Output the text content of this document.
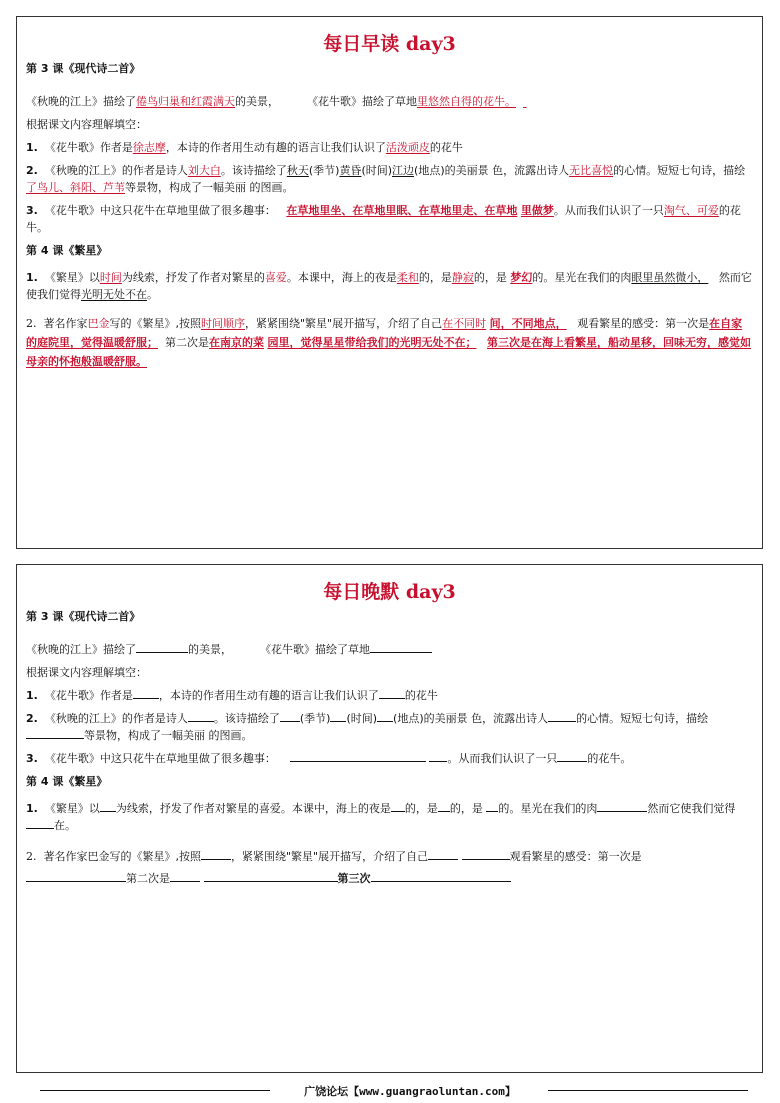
每日早读 day3
第 3 课《现代诗二首》

《秋晚的江上》描绘了倦鸟归巢和红霞满天的美景，	《花牛歌》描绘了草地里悠然自得的花牛。

根据课文内容理解填空：

1. 《花牛歌》作者是徐志摩，本诗的作者用生动有趣的语言让我们认识了活泼顽皮的花牛

2. 《秋晚的江上》的作者是诗人刘大白。该诗描绘了秋天(季节)黄昏(时间)江边(地点)的美丽景 色，流露出诗人无比喜悦的心情。短短七句诗，描绘了鸟儿、斜阳、芦苇等景物，构成了一幅美丽 的图画。

3. 《花牛歌》中这只花牛在草地里做了很多趣事： 在草地里坐、在草地里眠、在草地里走、在草地 里做梦。从而我们认识了一只淘气、可爱的花牛。

第 4 课《繁星》

1. 《繁星》以时间为线索，抒发了作者对繁星的喜爱。本课中，海上的夜是柔和的，是静寂的，是 梦幻的。星光在我们的肉眼里虽然微小， 然而它使我们觉得光明无处不在。

2. 著名作家巴金写的《繁星》,按照时间顺序，紧紧围绕"繁星"展开描写，介绍了自己在不同时 间，不同地点， 观看繁星的感受：第一次是在自家的庭院里，觉得温暖舒服； 第二次是在南京的菜 园里，觉得星星带给我们的光明无处不在； 第三次是在海上看繁星，船动星移，回味无穷，感觉如
母亲的怀抱般温暖舒服。

每日晚默 day3
第 3 课《现代诗二首》

《秋晚的江上》描绘了	的美景，	《花牛歌》描绘了草地

根据课文内容理解填空：

1. 《花牛歌》作者是 ，本诗的作者用生动有趣的语言让我们认识了 的花牛

2. 《秋晚的江上》的作者是诗人 。该诗描绘了 (季节) (时间) (地点)的美丽景 色，流露出诗人	的心情。短短七句诗，描绘等景物，构成了一幅美丽 的图画。

3. 《花牛歌》中这只花牛在草地里做了很多趣事：	。从而我们认识了一只	的花牛。

第 4 课《繁星》

1. 《繁星》以 为线索，抒发了作者对繁星的喜爱。本课中，海上的夜是 的，是 的，是 的。星光在我们的肉	然而它使我们觉得在。

2. 著名作家巴金写的《繁星》,按照	，紧紧围绕"繁星"展开描写，介绍了自己	观看繁星的感受：第一次是
第二次是	第三次

广饶论坛【www.guangraoluntan.com】
